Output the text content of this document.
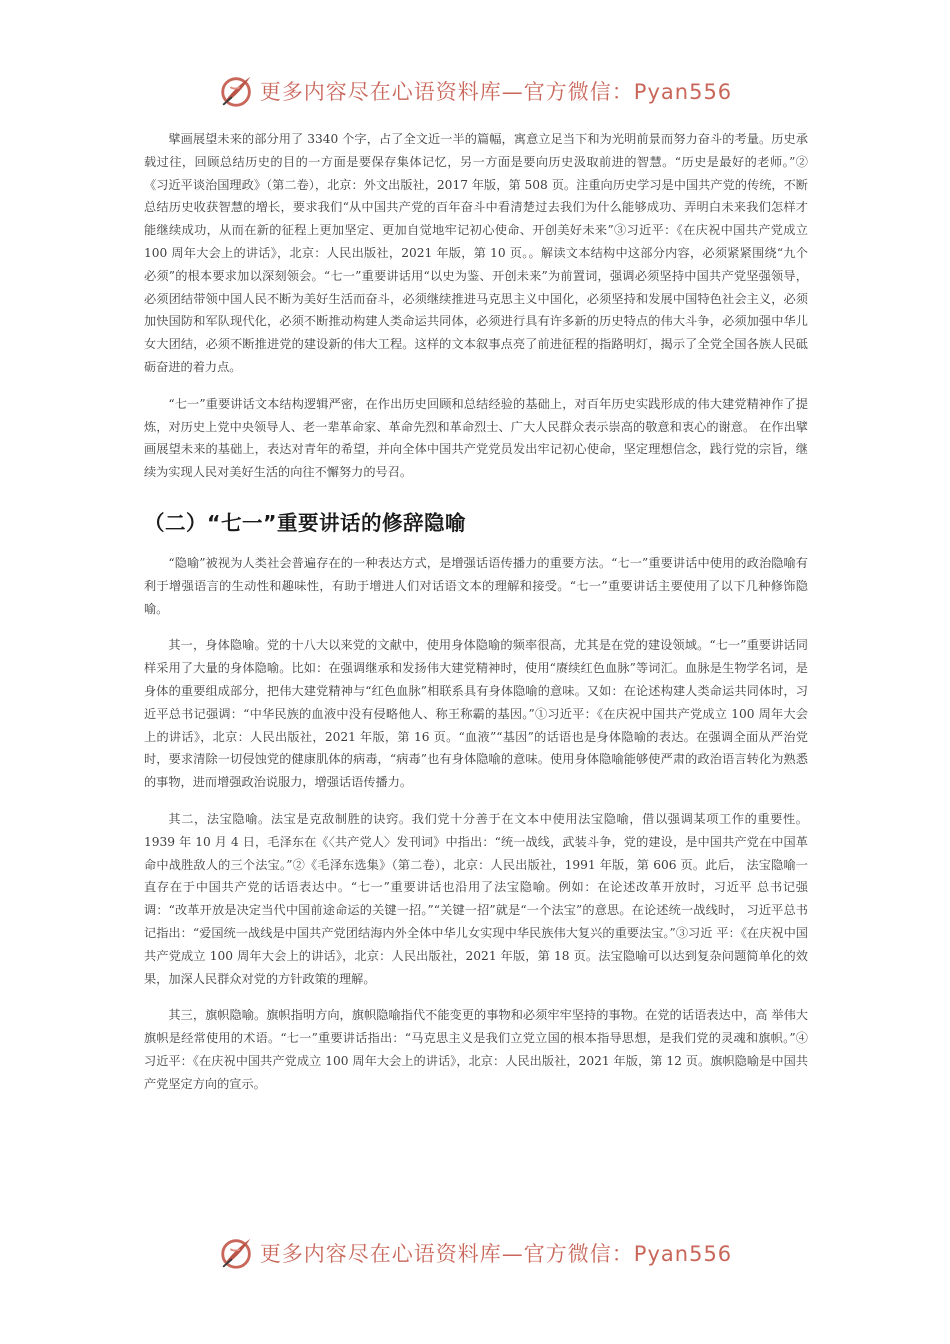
更多内容尽在心语资料库—官方微信：Pyan556

擘画展望未来的部分用了 3340 个字，占了全文近一半的篇幅，寓意立足当下和为光明前景而努力奋斗的考量。历史承载过往，回顾总结历史的目的一方面是要保存集体记忆，另一方面是要向历史汲取前进的智慧。“历史是最好的老师。”②《习近平谈治国理政》（第二卷），北京：外文出版社，2017 年版，第 508 页。注重向历史学习是中国共产党的传统，不断总结历史收获智慧的增长，要求我们“从中国共产党的百年奋斗中看清楚过去我们为什么能够成功、弄明白未来我们怎样才能继续成功，从而在新的征程上更加坚定、更加自觉地牢记初心使命、开创美好未来”③习近平：《在庆祝中国共产党成立 100 周年大会上的讲话》，北京：人民出版社，2021 年版，第 10 页。。解读文本结构中这部分内容，必须紧紧围绕“九个必须”的根本要求加以深刻领会。“七一”重要讲话用“以史为鉴、开创未来”为前置词，强调必须坚持中国共产党坚强领导，必须团结带领中国人民不断为美好生活而奋斗，必须继续推进马克思主义中国化，必须坚持和发展中国特色社会主义，必须加快国防和军队现代化，必须不断推动构建人类命运共同体，必须进行具有许多新的历史特点的伟大斗争，必须加强中华儿女大团结，必须不断推进党的建设新的伟大工程。这样的文本叙事点亮了前进征程的指路明灯，揭示了全党全国各族人民砥砺奋进的着力点。

“七一”重要讲话文本结构逻辑严密，在作出历史回顾和总结经验的基础上，对百年历史实践形成的伟大建党精神作了提炼，对历史上党中央领导人、老一辈革命家、革命先烈和革命烈士、广大人民群众表示崇高的敬意和衷心的谢意。 在作出擘画展望未来的基础上，表达对青年的希望，并向全体中国共产党党员发出牢记初心使命，坚定理想信念，践行党的宗旨，继续为实现人民对美好生活的向往不懈努力的号召。

（二）“七一”重要讲话的修辞隐喻

“隐喻”被视为人类社会普遍存在的一种表达方式，是增强话语传播力的重要方法。“七一”重要讲话中使用的政治隐喻有利于增强语言的生动性和趣味性，有助于增进人们对话语文本的理解和接受。“七一”重要讲话主要使用了以下几种修饰隐喻。

其一，身体隐喻。党的十八大以来党的文献中，使用身体隐喻的频率很高，尤其是在党的建设领域。“七一”重要讲话同样采用了大量的身体隐喻。比如：在强调继承和发扬伟大建党精神时，使用“赓续红色血脉”等词汇。血脉是生物学名词，是身体的重要组成部分，把伟大建党精神与“红色血脉”相联系具有身体隐喻的意味。又如：在论述构建人类命运共同体时，习近平总书记强调：“中华民族的血液中没有侵略他人、称王称霸的基因。”①习近平：《在庆祝中国共产党成立 100 周年大会上的讲话》，北京：人民出版社，2021 年版，第 16 页。“血液”“基因”的话语也是身体隐喻的表达。在强调全面从严治党时，要求清除一切侵蚀党的健康肌体的病毒，“病毒”也有身体隐喻的意味。使用身体隐喻能够使严肃的政治语言转化为熟悉的事物，进而增强政治说服力，增强话语传播力。

其二，法宝隐喻。法宝是克敌制胜的诀窍。我们党十分善于在文本中使用法宝隐喻，借以强调某项工作的重要性。1939 年 10 月 4 日，毛泽东在《〈共产党人〉发刊词》中指出：“统一战线，武装斗争，党的建设，是中国共产党在中国革命中战胜敌人的三个法宝。”②《毛泽东选集》（第二卷），北京：人民出版社，1991 年版，第 606 页。此后， 法宝隐喻一直存在于中国共产党的话语表达中。“七一”重要讲话也沿用了法宝隐喻。例如：在论述改革开放时，习近平 总书记强调：“改革开放是决定当代中国前途命运的关键一招。”“关键一招”就是“一个法宝”的意思。在论述统一战线时， 习近平总书记指出：“爱国统一战线是中国共产党团结海内外全体中华儿女实现中华民族伟大复兴的重要法宝。”③习近 平：《在庆祝中国共产党成立 100 周年大会上的讲话》，北京：人民出版社，2021 年版，第 18 页。法宝隐喻可以达到复杂问题简单化的效果，加深人民群众对党的方针政策的理解。

其三，旗帜隐喻。旗帜指明方向，旗帜隐喻指代不能变更的事物和必须牢牢坚持的事物。在党的话语表达中，高 举伟大旗帜是经常使用的术语。“七一”重要讲话指出：“马克思主义是我们立党立国的根本指导思想，是我们党的灵魂和旗帜。”④习近平：《在庆祝中国共产党成立 100 周年大会上的讲话》，北京：人民出版社，2021 年版，第 12 页。旗帜隐喻是中国共产党坚定方向的宣示。

更多内容尽在心语资料库—官方微信：Pyan556
